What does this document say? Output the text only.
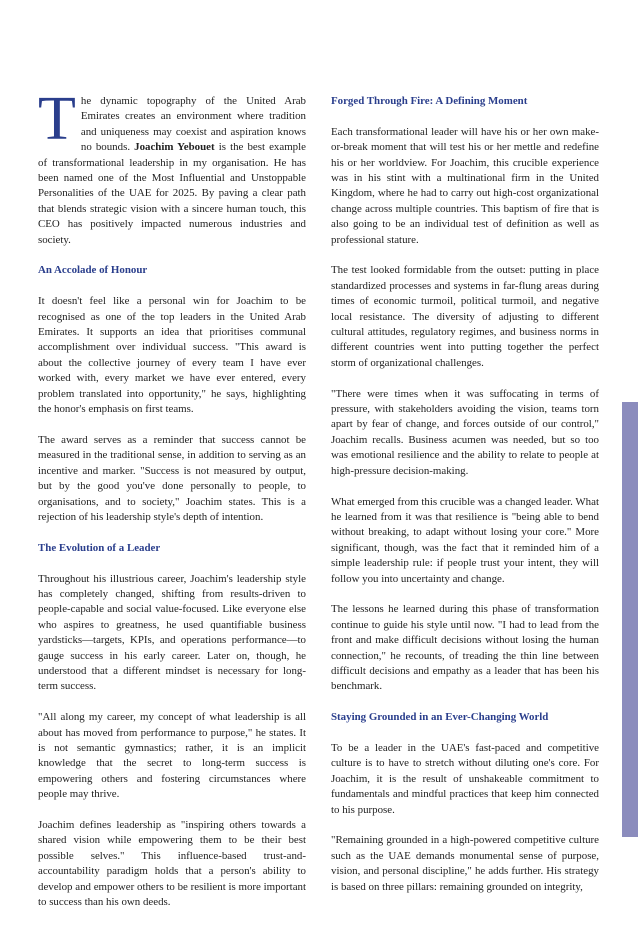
The dynamic topography of the United Arab Emirates creates an environment where tradition and uniqueness may coexist and aspiration knows no bounds. Joachim Yebouet is the best example of transformational leadership in my organisation. He has been named one of the Most Influential and Unstoppable Personalities of the UAE for 2025. By paving a clear path that blends strategic vision with a sincere human touch, this CEO has positively impacted numerous industries and society.

An Accolade of Honour

It doesn't feel like a personal win for Joachim to be recognised as one of the top leaders in the United Arab Emirates. It supports an idea that prioritises communal accomplishment over individual success. "This award is about the collective journey of every team I have ever worked with, every market we have ever entered, every problem translated into opportunity," he says, highlighting the honor's emphasis on first teams.

The award serves as a reminder that success cannot be measured in the traditional sense, in addition to serving as an incentive and marker. "Success is not measured by output, but by the good you've done personally to people, to organisations, and to society," Joachim states. This is a rejection of his leadership style's depth of intention.

The Evolution of a Leader

Throughout his illustrious career, Joachim's leadership style has completely changed, shifting from results-driven to people-capable and social value-focused. Like everyone else who aspires to greatness, he used quantifiable business yardsticks—targets, KPIs, and operations performance—to gauge success in his early career. Later on, though, he understood that a different mindset is necessary for long-term success.

"All along my career, my concept of what leadership is all about has moved from performance to purpose," he states. It is not semantic gymnastics; rather, it is an implicit knowledge that the secret to long-term success is empowering others and fostering circumstances where people may thrive.

Joachim defines leadership as "inspiring others towards a shared vision while empowering them to be their best possible selves." This influence-based trust-and-accountability paradigm holds that a person's ability to develop and empower others to be resilient is more important to success than his own deeds.

Forged Through Fire: A Defining Moment

Each transformational leader will have his or her own make-or-break moment that will test his or her mettle and redefine his or her worldview. For Joachim, this crucible experience was in his stint with a multinational firm in the United Kingdom, where he had to carry out high-cost organizational change across multiple countries. This baptism of fire that is also going to be an individual test of definition as well as professional stature.

The test looked formidable from the outset: putting in place standardized processes and systems in far-flung areas during times of economic turmoil, political turmoil, and negative local resistance. The diversity of adjusting to different cultural attitudes, regulatory regimes, and business norms in different countries went into putting together the perfect storm of organizational challenges.

"There were times when it was suffocating in terms of pressure, with stakeholders avoiding the vision, teams torn apart by fear of change, and forces outside of our control," Joachim recalls. Business acumen was needed, but so too was emotional resilience and the ability to relate to people at high-pressure decision-making.

What emerged from this crucible was a changed leader. What he learned from it was that resilience is "being able to bend without breaking, to adapt without losing your core." More significant, though, was the fact that it reminded him of a simple leadership rule: if people trust your intent, they will follow you into uncertainty and change.

The lessons he learned during this phase of transformation continue to guide his style until now. "I had to lead from the front and make difficult decisions without losing the human connection," he recounts, of treading the thin line between difficult decisions and empathy as a leader that has been his benchmark.

Staying Grounded in an Ever-Changing World

To be a leader in the UAE's fast-paced and competitive culture is to have to stretch without diluting one's core. For Joachim, it is the result of unshakeable commitment to fundamentals and mindful practices that keep him connected to his purpose.

"Remaining grounded in a high-powered competitive culture such as the UAE demands monumental sense of purpose, vision, and personal discipline," he adds further. His strategy is based on three pillars: remaining grounded on integrity,
